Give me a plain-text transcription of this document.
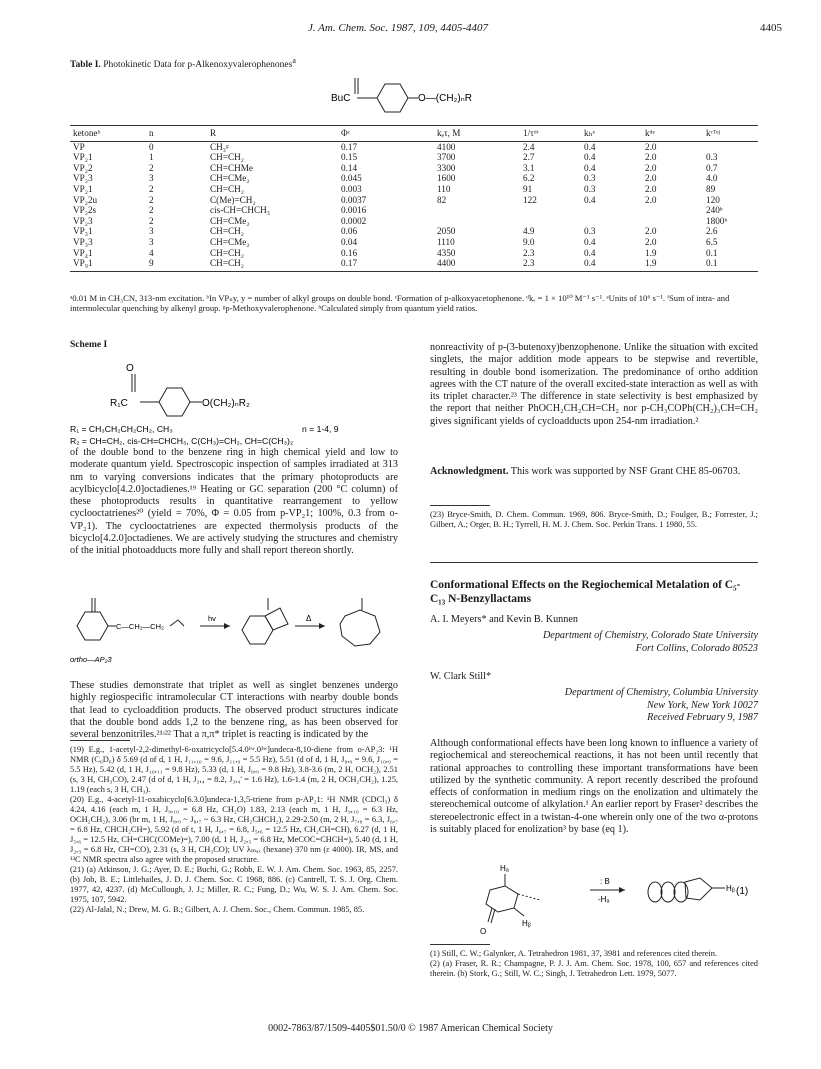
J. Am. Chem. Soc. 1987, 109, 4405-4407	4405
Table I. Photokinetic Data for p-Alkenoxyvalerophenones$^a$
BuC	O—(CH₂)ₙR
ketoneᵇ	n	R	Φᶜ	kₑτ, M	1/τᵈʳ	kₕᵉ	kᵈᵉ	kᶜᵀᵉʲ
VP	0	CH₃ᵍ	0.17	4100	2.4	0.4	2.0	
VP₂1	1	CH=CH₂	0.15	3700	2.7	0.4	2.0	0.3
VP₂2	2	CH=CHMe	0.14	3300	3.1	0.4	2.0	0.7
VP₂3	3	CH=CMe₂	0.045	1600	6.2	0.3	2.0	4.0
VP₂1	2	CH=CH₂	0.003	110	91	0.3	2.0	89
VP₂2u	2	C(Me)=CH₂	0.0037	82	122	0.4	2.0	120
VP₂2s	2	cis-CH=CHCH₃	0.0016					240ʰ
VP₂3	2	CH=CMe₂	0.0002					1800ʰ
VP₃1	3	CH=CH₂	0.06	2050	4.9	0.3	2.0	2.6
VP₃3	3	CH=CMe₂	0.04	1110	9.0	0.4	2.0	6.5
VP₄1	4	CH=CH₂	0.16	4350	2.3	0.4	1.9	0.1
VP₉1	9	CH=CH₂	0.17	4400	2.3	0.4	1.9	0.1
ᵃ0.01 M in CH₃CN, 313-nm excitation. ᵇIn VPₙy, y = number of alkyl groups on double bond. ᶜFormation of p-alkoxyacetophenone. ᵈkₑ = 1 × 10¹⁰ M⁻¹ s⁻¹. ᵉUnits of 10⁶ s⁻¹. ᶠSum of intra- and intermolecular quenching by alkenyl group. ᵍp-Methoxyvalerophenone. ʰCalculated simply from quantum yield ratios.
Scheme I
O
R₁C	O(CH₂)ₙR₂
R₁ = CH₃CH₂CH₂CH₂, CH₃	n = 1-4, 9
R₂ = CH=CH₂, cis-CH=CHCH₃, C(CH₃)=CH₂, CH=C(CH₃)₂
of the double bond to the benzene ring in high chemical yield and low to moderate quantum yield. Spectroscopic inspection of samples irradiated at 313 nm to varying conversions indicates that the primary photoproducts are acylbicyclo[4.2.0]octadienes.¹⁹ Heating or GC separation (200 °C column) of these photoproducts results in quantitative rearrangement to yellow cyclooctatrienes²⁰ (yield = 70%, Φ = 0.05 from p-VP₂1; 100%, 0.3 from o-VP₂1). The cyclooctatrienes are expected thermolysis products of the bicyclo[4.2.0]octadienes. We are actively studying the structures and chemistry of the initial photoadducts more fully and shall report thereon shortly.
C—CH₂—CH₂
hv	Δ
ortho—AP₂3
These studies demonstrate that triplet as well as singlet benzenes undergo highly regiospecific intramolecular CT interactions with nearby double bonds that lead to cycloaddition products. The observed product structures indicate that the double bond adds 1,2 to the benzene ring, as has been observed for several benzonitriles.²¹ʴ²² That a π,π* triplet is reacting is indicated by the
(19) E.g., 1-acetyl-2,2-dimethyl-6-oxatricyclo[5.4.0¹ʷ.0³ʷ]undeca-8,10-diene from o-AP₂3: ¹H NMR (C₆D₆) δ 5.69 (d of d, 1 H, J₁₁,₁₀ = 9.6, J₁₁,₉ = 5.5 Hz), 5.51 (d of d, 1 H, J₈,₉ = 9.6, J₁₀,₉ = 5.5 Hz), 5.42 (d, 1 H, J₁₀,₁₁ = 9.8 Hz), 5.33 (d, 1 H, J₈,₉ = 9.8 Hz), 3.8-3.6 (m, 2 H, OCH₂), 2.51 (s, 3 H, CH₃CO), 2.47 (d of d, 1 H, J₃,₄ = 8.2, J₃,₄' = 1.6 Hz), 1.6-1.4 (m, 2 H, OCH₂CH₂), 1.25, 1.19 (each s, 3 H, CH₃).
(20) E.g., 4-acetyl-11-oxabicyclo[6.3.0]undeca-1,3,5-triene from p-AP₂1: ¹H NMR (CDCl₃) δ 4.24, 4.16 (each m, 1 H, J₉,₁₀ = 6.8 Hz, CH₂O) 1.83, 2.13 (each m, 1 H, J₉,₁₀ = 6.3 Hz, OCH₂CH₂), 3.06 (br m, 1 H, J₈,₉ ~ J₈,₇ ~ 6.3 Hz, CH₂CHCH₂), 2.29-2.50 (m, 2 H, J₇,₈ = 6.3, J₆,₇ = 6.8 Hz, CHCH₂CH=), 5.92 (d of t, 1 H, J₆,₇ = 6.8, J₅,₆ = 12.5 Hz, CH₂CH=CH), 6.27 (d, 1 H, J₅,₆ = 12.5 Hz, CH=CHC(COMe)=), 7.00 (d, 1 H, J₂,₃ = 6.8 Hz, MeCOC=CHCH=), 5.40 (d, 1 H, J₂,₃ = 6.8 Hz, CH=CO), 2.31 (s, 3 H, CH₃CO); UV λₘₐₓ (hexane) 370 nm (ε 4000). IR, MS, and ¹³C NMR spectra also agree with the proposed structure.
(21) (a) Atkinson, J. G.; Ayer, D. E.; Buchi, G.; Robb, E. W. J. Am. Chem. Soc. 1963, 85, 2257. (b) Job, B. E.; Littlehailes, J. D. J. Chem. Soc. C 1968, 886. (c) Cantrell, T. S. J. Org. Chem. 1977, 42, 4237. (d) McCullough, J. J.; Miller, R. C.; Fung, D.; Wu, W. S. J. Am. Chem. Soc. 1975, 107, 5942.
(22) Al-Jalal, N.; Drew, M. G. B.; Gilbert, A. J. Chem. Soc., Chem. Commun. 1985, 85.
nonreactivity of p-(3-butenoxy)benzophenone. Unlike the situation with excited singlets, the major addition mode appears to be stepwise and revertible, resulting in double bond isomerization. The predominance of ortho addition agrees with the CT nature of the overall excited-state interaction as well as with its triplet character.²³ The difference in state selectivity is best emphasized by the report that neither PhOCH₂CH₂CH=CH₂ nor p-CH₃COPh(CH₂)₃CH=CH₂ gives significant yields of cycloadducts upon 254-nm irradiation.²
Acknowledgment. This work was supported by NSF Grant CHE 85-06703.
(23) Bryce-Smith, D. Chem. Commun. 1969, 806. Bryce-Smith, D.; Foulger, B.; Forrester, J.; Gilbert, A.; Orger, B. H.; Tyrrell, H. M. J. Chem. Soc. Perkin Trans. 1 1980, 55.
Conformational Effects on the Regiochemical Metalation of C₅-C₁₃ N-Benzyllactams
A. I. Meyers* and Kevin B. Kunnen
Department of Chemistry, Colorado State University
Fort Collins, Colorado 80523
W. Clark Still*
Department of Chemistry, Columbia University
New York, New York 10027
Received February 9, 1987
Although conformational effects have been long known to influence a variety of regiochemical and stereochemical reactions, it has not been until recently that rational approaches to controlling these important transformations have been utilized by the synthetic community. A report recently described the profound effects of conformation in medium rings on the enolization and ultimately the stereochemical outcome of alkylation.¹ An earlier report by Fraser² describes the stereoelectronic effect in a twistan-4-one wherein only one of the two α-protons is suitably placed for enolization³ by base (eq 1).
O
Hₐ
Hᵦ
: B
-Hₐ
Hᵦ (1)
(1) Still, C. W.; Galynker, A. Tetrahedron 1981, 37, 3981 and references cited therein.
(2) (a) Fraser, R. R.; Champagne, P. J. J. Am. Chem. Soc. 1978, 100, 657 and references cited therein. (b) Stork, G.; Still, W. C.; Singh, J. Tetrahedron Lett. 1979, 5077.
0002-7863/87/1509-4405$01.50/0 © 1987 American Chemical Society
